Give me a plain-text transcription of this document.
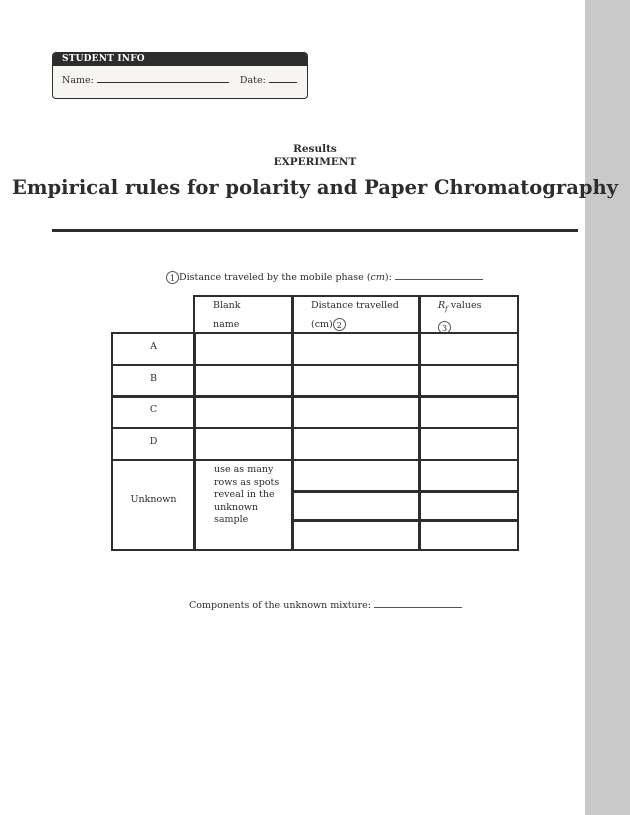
STUDENT INFO
Name:	Date:
Results
EXPERIMENT
Empirical rules for polarity and Paper Chromatography
1 Distance traveled by the mobile phase (cm):
Blank
name
Distance travelled
(cm) 2
$R_f$ values
3
A
B
C
D
Unknown
use as many rows as spots reveal in the unknown sample
Components of the unknown mixture:
